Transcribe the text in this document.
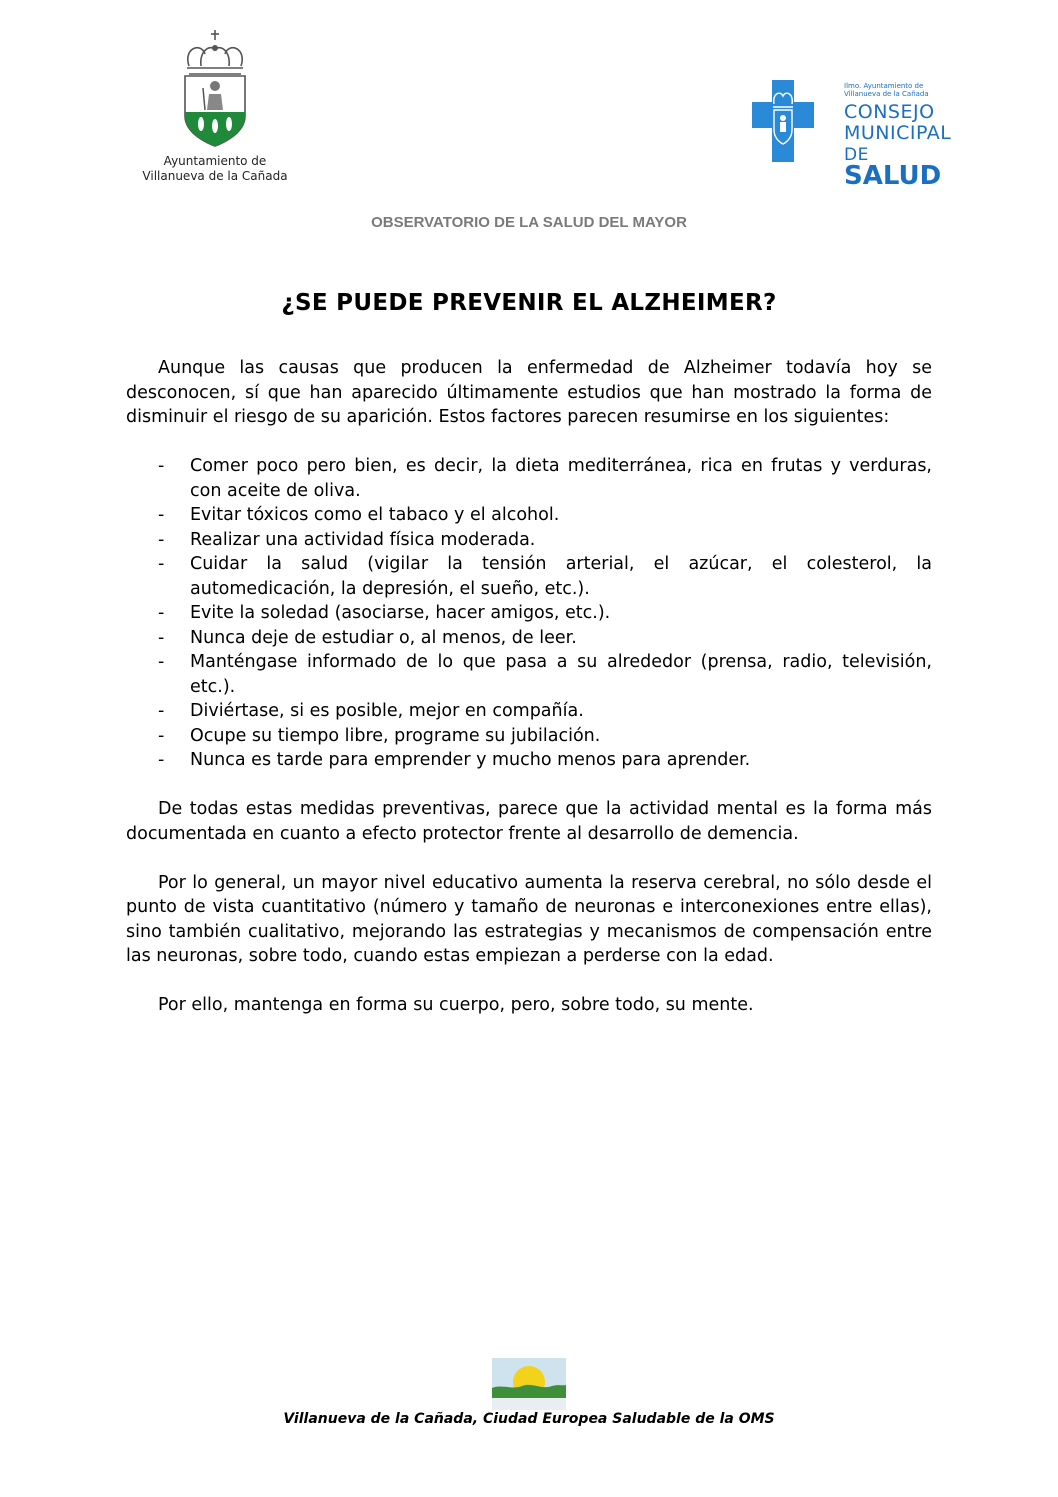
Ayuntamiento de
Villanueva de la Cañada
Ilmo. Ayuntamiento de
Villanueva de la Cañada
CONSEJO
MUNICIPAL
DE SALUD
OBSERVATORIO DE LA SALUD DEL MAYOR
¿SE PUEDE PREVENIR EL ALZHEIMER?

Aunque las causas que producen la enfermedad de Alzheimer todavía hoy se desconocen, sí que han aparecido últimamente estudios que han mostrado la forma de disminuir el riesgo de su aparición. Estos factores parecen resumirse en los siguientes:

- Comer poco pero bien, es decir, la dieta mediterránea, rica en frutas y verduras, con aceite de oliva.
- Evitar tóxicos como el tabaco y el alcohol.
- Realizar una actividad física moderada.
- Cuidar la salud (vigilar la tensión arterial, el azúcar, el colesterol, la automedicación, la depresión, el sueño, etc.).
- Evite la soledad (asociarse, hacer amigos, etc.).
- Nunca deje de estudiar o, al menos, de leer.
- Manténgase informado de lo que pasa a su alrededor (prensa, radio, televisión, etc.).
- Diviértase, si es posible, mejor en compañía.
- Ocupe su tiempo libre, programe su jubilación.
- Nunca es tarde para emprender y mucho menos para aprender.

De todas estas medidas preventivas, parece que la actividad mental es la forma más documentada en cuanto a efecto protector frente al desarrollo de demencia.

Por lo general, un mayor nivel educativo aumenta la reserva cerebral, no sólo desde el punto de vista cuantitativo (número y tamaño de neuronas e interconexiones entre ellas), sino también cualitativo, mejorando las estrategias y mecanismos de compensación entre las neuronas, sobre todo, cuando estas empiezan a perderse con la edad.

Por ello, mantenga en forma su cuerpo, pero, sobre todo, su mente.

Villanueva de la Cañada, Ciudad Europea Saludable de la OMS
